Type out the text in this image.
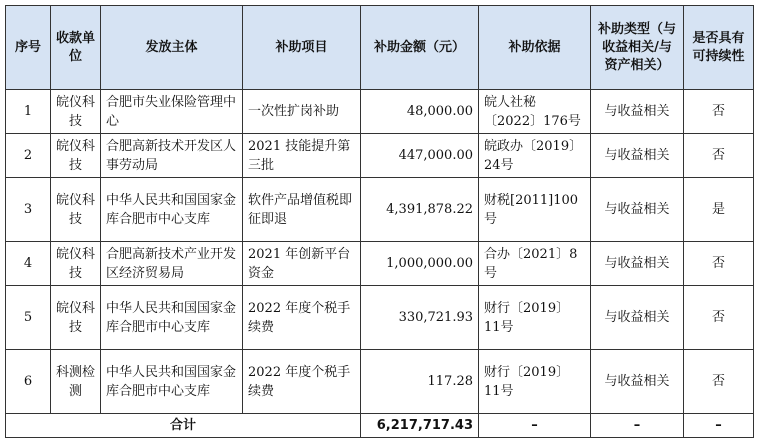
序号	收款单位	发放主体	补助项目	补助金额（元）	补助依据	补助类型（与收益相关/与资产相关）	是否具有可持续性
1	皖仪科技	合肥市失业保险管理中心	一次性扩岗补助	48,000.00	皖人社秘〔2022〕176号	与收益相关	否
2	皖仪科技	合肥高新技术开发区人事劳动局	2021 技能提升第三批	447,000.00	皖政办〔2019〕24号	与收益相关	否
3	皖仪科技	中华人民共和国国家金库合肥市中心支库	软件产品增值税即征即退	4,391,878.22	财税[2011]100号	与收益相关	是
4	皖仪科技	合肥高新技术产业开发区经济贸易局	2021 年创新平台资金	1,000,000.00	合办〔2021〕8号	与收益相关	否
5	皖仪科技	中华人民共和国国家金库合肥市中心支库	2022 年度个税手续费	330,721.93	财行〔2019〕11号	与收益相关	否
6	科测检测	中华人民共和国国家金库合肥市中心支库	2022 年度个税手续费	117.28	财行〔2019〕11号	与收益相关	否
合计				6,217,717.43	–	–	–
